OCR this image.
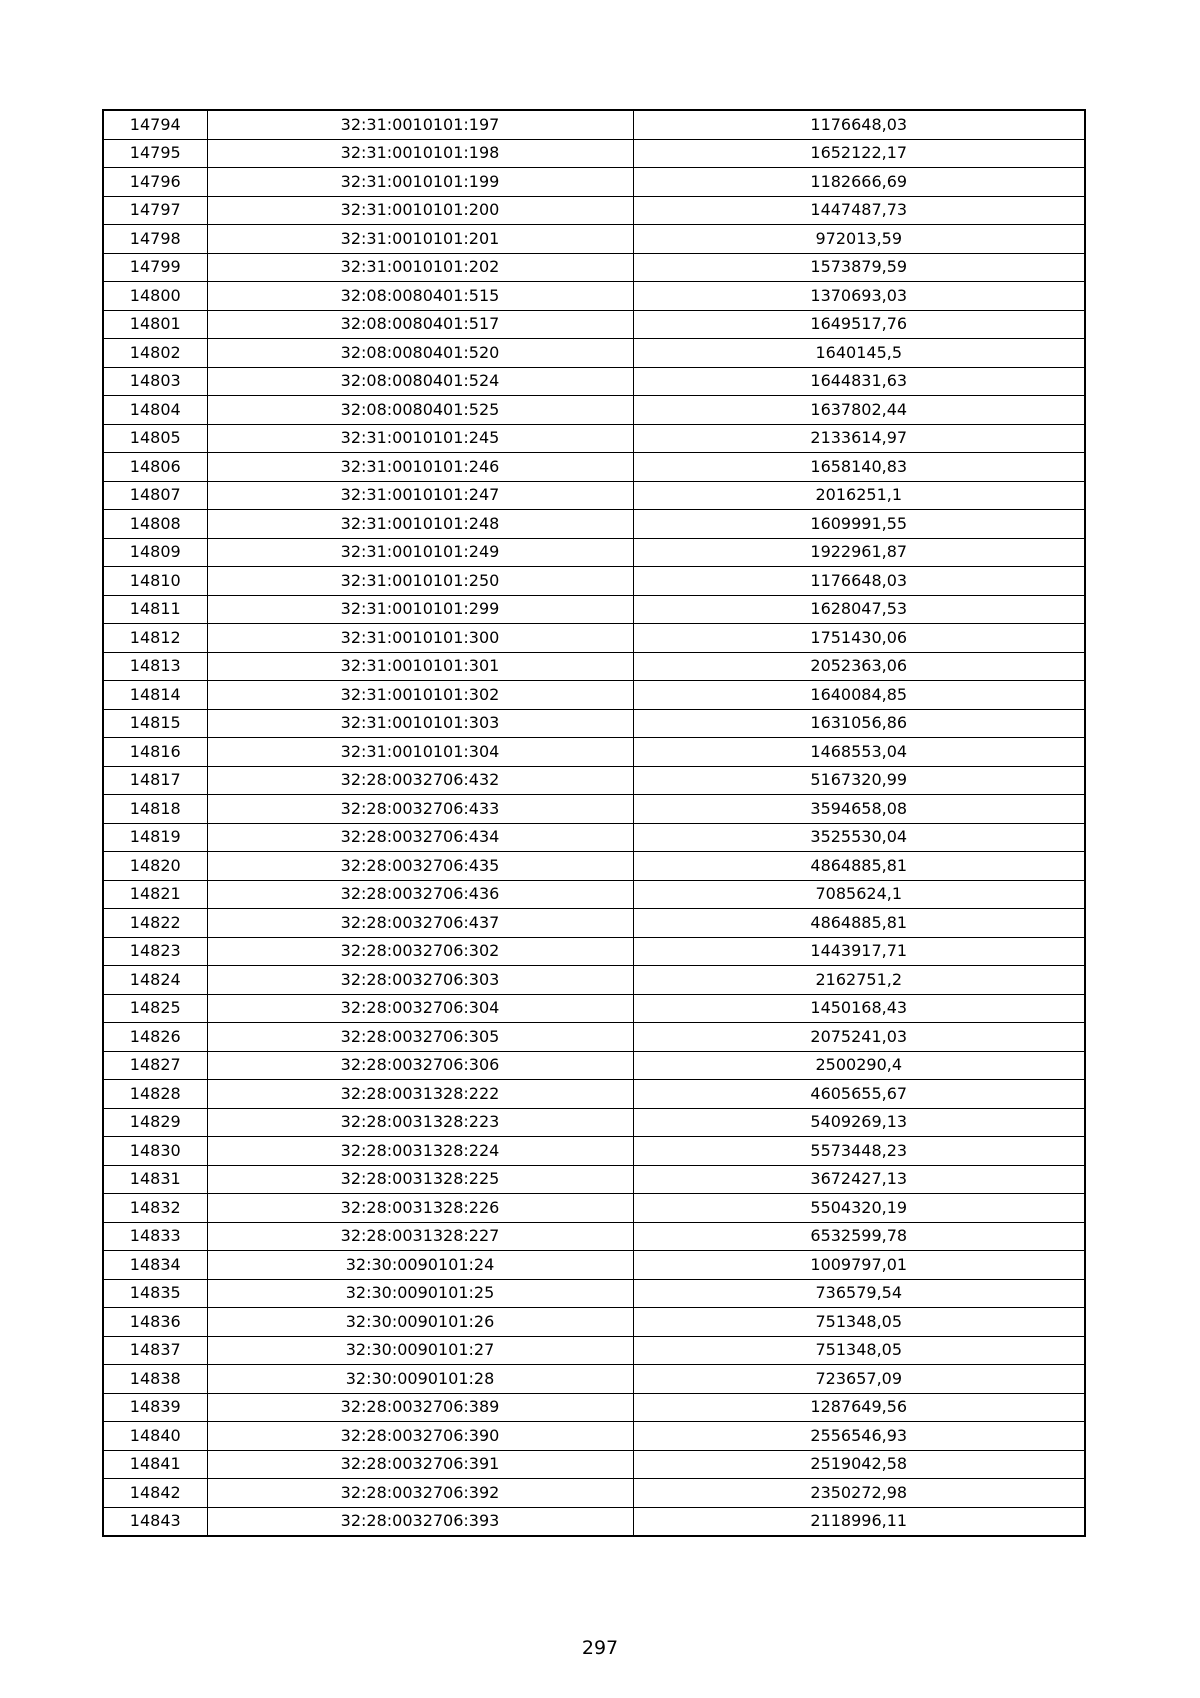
14794	32:31:0010101:197	1176648,03
14795	32:31:0010101:198	1652122,17
14796	32:31:0010101:199	1182666,69
14797	32:31:0010101:200	1447487,73
14798	32:31:0010101:201	972013,59
14799	32:31:0010101:202	1573879,59
14800	32:08:0080401:515	1370693,03
14801	32:08:0080401:517	1649517,76
14802	32:08:0080401:520	1640145,5
14803	32:08:0080401:524	1644831,63
14804	32:08:0080401:525	1637802,44
14805	32:31:0010101:245	2133614,97
14806	32:31:0010101:246	1658140,83
14807	32:31:0010101:247	2016251,1
14808	32:31:0010101:248	1609991,55
14809	32:31:0010101:249	1922961,87
14810	32:31:0010101:250	1176648,03
14811	32:31:0010101:299	1628047,53
14812	32:31:0010101:300	1751430,06
14813	32:31:0010101:301	2052363,06
14814	32:31:0010101:302	1640084,85
14815	32:31:0010101:303	1631056,86
14816	32:31:0010101:304	1468553,04
14817	32:28:0032706:432	5167320,99
14818	32:28:0032706:433	3594658,08
14819	32:28:0032706:434	3525530,04
14820	32:28:0032706:435	4864885,81
14821	32:28:0032706:436	7085624,1
14822	32:28:0032706:437	4864885,81
14823	32:28:0032706:302	1443917,71
14824	32:28:0032706:303	2162751,2
14825	32:28:0032706:304	1450168,43
14826	32:28:0032706:305	2075241,03
14827	32:28:0032706:306	2500290,4
14828	32:28:0031328:222	4605655,67
14829	32:28:0031328:223	5409269,13
14830	32:28:0031328:224	5573448,23
14831	32:28:0031328:225	3672427,13
14832	32:28:0031328:226	5504320,19
14833	32:28:0031328:227	6532599,78
14834	32:30:0090101:24	1009797,01
14835	32:30:0090101:25	736579,54
14836	32:30:0090101:26	751348,05
14837	32:30:0090101:27	751348,05
14838	32:30:0090101:28	723657,09
14839	32:28:0032706:389	1287649,56
14840	32:28:0032706:390	2556546,93
14841	32:28:0032706:391	2519042,58
14842	32:28:0032706:392	2350272,98
14843	32:28:0032706:393	2118996,11
297
